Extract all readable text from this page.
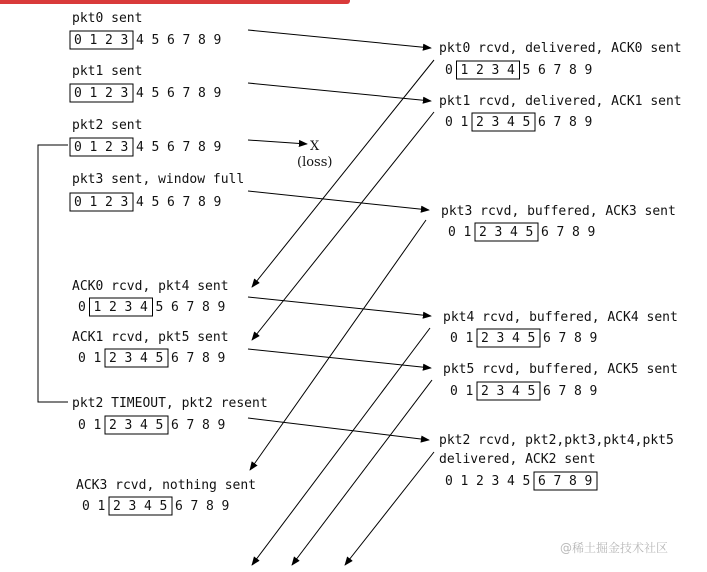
pkt0 sent
0 1 2 3 4 5 6 7 8 9
pkt1 sent
0 1 2 3 4 5 6 7 8 9
pkt2 sent
0 1 2 3 4 5 6 7 8 9
pkt3 sent, window full
0 1 2 3 4 5 6 7 8 9
ACK0 rcvd, pkt4 sent
0 1 2 3 4 5 6 7 8 9
ACK1 rcvd, pkt5 sent
0 1 2 3 4 5 6 7 8 9
pkt2 TIMEOUT, pkt2 resent
0 1 2 3 4 5 6 7 8 9
ACK3 rcvd, nothing sent
0 1 2 3 4 5 6 7 8 9
pkt0 rcvd, delivered, ACK0 sent
0 1 2 3 4 5 6 7 8 9
pkt1 rcvd, delivered, ACK1 sent
0 1 2 3 4 5 6 7 8 9
pkt3 rcvd, buffered, ACK3 sent
0 1 2 3 4 5 6 7 8 9
pkt4 rcvd, buffered, ACK4 sent
0 1 2 3 4 5 6 7 8 9
pkt5 rcvd, buffered, ACK5 sent
0 1 2 3 4 5 6 7 8 9
pkt2 rcvd, pkt2,pkt3,pkt4,pkt5
delivered, ACK2 sent
0 1 2 3 4 5 6 7 8 9
X
(loss)
@稀土掘金技术社区
